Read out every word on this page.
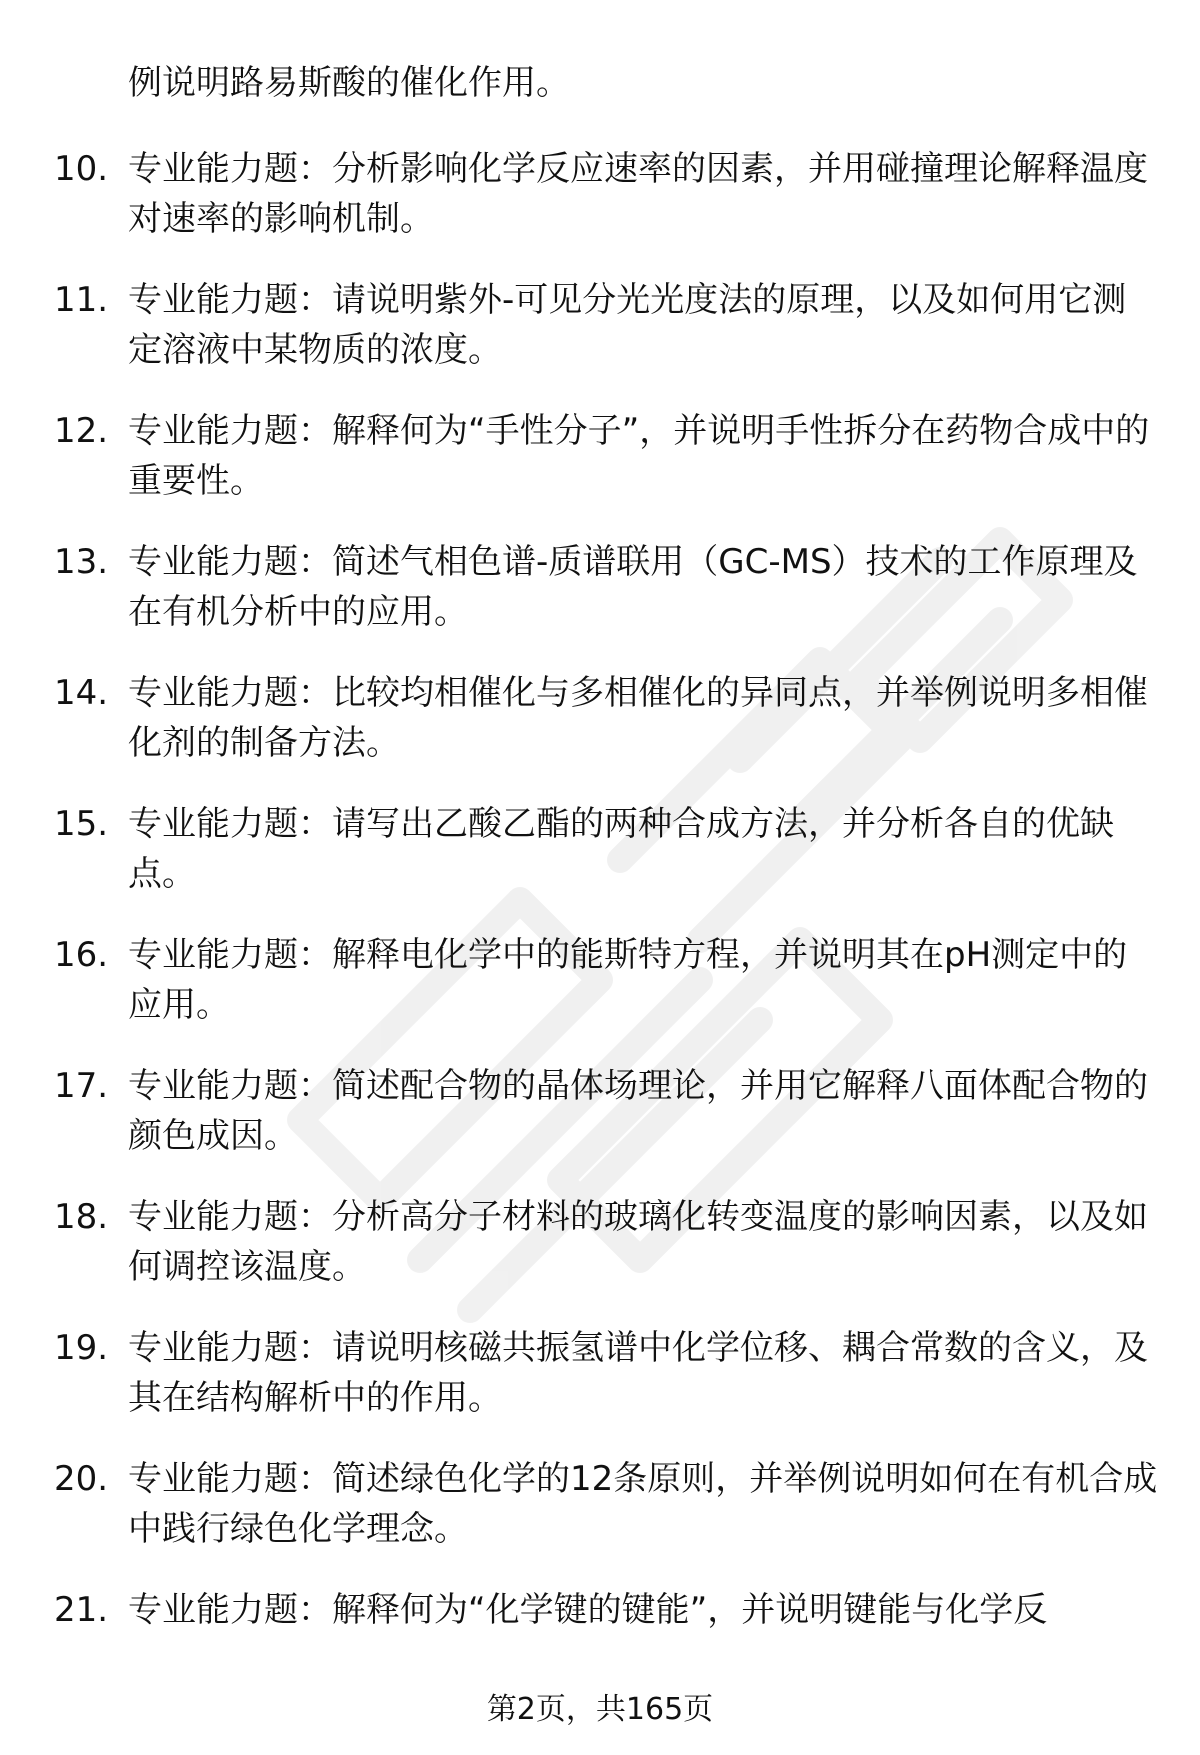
例说明路易斯酸的催化作用。

10. 专业能力题：分析影响化学反应速率的因素，并用碰撞理论解释温度对速率的影响机制。

11. 专业能力题：请说明紫外-可见分光光度法的原理，以及如何用它测定溶液中某物质的浓度。

12. 专业能力题：解释何为“手性分子”，并说明手性拆分在药物合成中的重要性。

13. 专业能力题：简述气相色谱-质谱联用（GC-MS）技术的工作原理及在有机分析中的应用。

14. 专业能力题：比较均相催化与多相催化的异同点，并举例说明多相催化剂的制备方法。

15. 专业能力题：请写出乙酸乙酯的两种合成方法，并分析各自的优缺点。

16. 专业能力题：解释电化学中的能斯特方程，并说明其在pH测定中的应用。

17. 专业能力题：简述配合物的晶体场理论，并用它解释八面体配合物的颜色成因。

18. 专业能力题：分析高分子材料的玻璃化转变温度的影响因素，以及如何调控该温度。

19. 专业能力题：请说明核磁共振氢谱中化学位移、耦合常数的含义，及其在结构解析中的作用。

20. 专业能力题：简述绿色化学的12条原则，并举例说明如何在有机合成中践行绿色化学理念。

21. 专业能力题：解释何为“化学键的键能”，并说明键能与化学反

第2页，共165页
